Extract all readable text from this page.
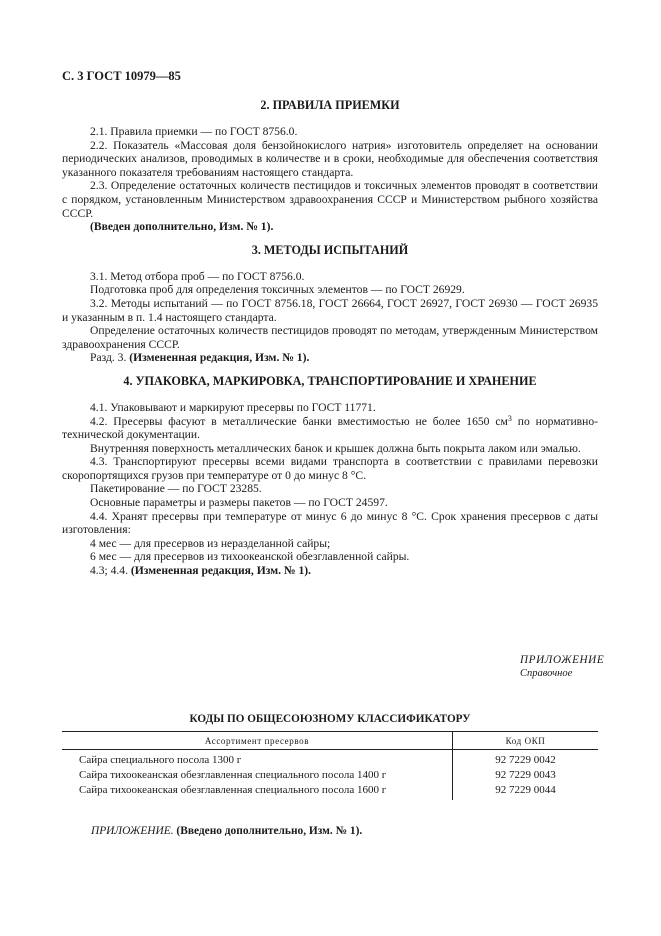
С. 3 ГОСТ 10979—85
2. ПРАВИЛА ПРИЕМКИ

2.1. Правила приемки — по ГОСТ 8756.0.

2.2. Показатель «Массовая доля бензойнокислого натрия» изготовитель определяет на основании периодических анализов, проводимых в количестве и в сроки, необходимые для обеспечения соответствия указанного показателя требованиям настоящего стандарта.

2.3. Определение остаточных количеств пестицидов и токсичных элементов проводят в соответствии с порядком, установленным Министерством здравоохранения СССР и Министерством рыбного хозяйства СССР.

(Введен дополнительно, Изм. № 1).

3. МЕТОДЫ ИСПЫТАНИЙ

3.1. Метод отбора проб — по ГОСТ 8756.0.

Подготовка проб для определения токсичных элементов — по ГОСТ 26929.

3.2. Методы испытаний — по ГОСТ 8756.18, ГОСТ 26664, ГОСТ 26927, ГОСТ 26930 — ГОСТ 26935 и указанным в п. 1.4 настоящего стандарта.

Определение остаточных количеств пестицидов проводят по методам, утвержденным Министерством здравоохранения СССР.

Разд. 3. (Измененная редакция, Изм. № 1).

4. УПАКОВКА, МАРКИРОВКА, ТРАНСПОРТИРОВАНИЕ И ХРАНЕНИЕ

4.1. Упаковывают и маркируют пресервы по ГОСТ 11771.

4.2. Пресервы фасуют в металлические банки вместимостью не более 1650 $см^3$ по нормативно-технической документации.

Внутренняя поверхность металлических банок и крышек должна быть покрыта лаком или эмалью.

4.3. Транспортируют пресервы всеми видами транспорта в соответствии с правилами перевозки скоропортящихся грузов при температуре от 0 до минус 8 °С.

Пакетирование — по ГОСТ 23285.

Основные параметры и размеры пакетов — по ГОСТ 24597.

4.4. Хранят пресервы при температуре от минус 6 до минус 8 °С. Срок хранения пресервов с даты изготовления:

4 мес — для пресервов из неразделанной сайры;

6 мес — для пресервов из тихоокеанской обезглавленной сайры.

4.3; 4.4. (Измененная редакция, Изм. № 1).

ПРИЛОЖЕНИЕ
Справочное
КОДЫ ПО ОБЩЕСОЮЗНОМУ КЛАССИФИКАТОРУ
Ассортимент пресервов	Код ОКП
Сайра специального посола 1300 г	92 7229 0042
Сайра тихоокеанская обезглавленная специального посола 1400 г	92 7229 0043
Сайра тихоокеанская обезглавленная специального посола 1600 г	92 7229 0044
ПРИЛОЖЕНИЕ. (Введено дополнительно, Изм. № 1).
